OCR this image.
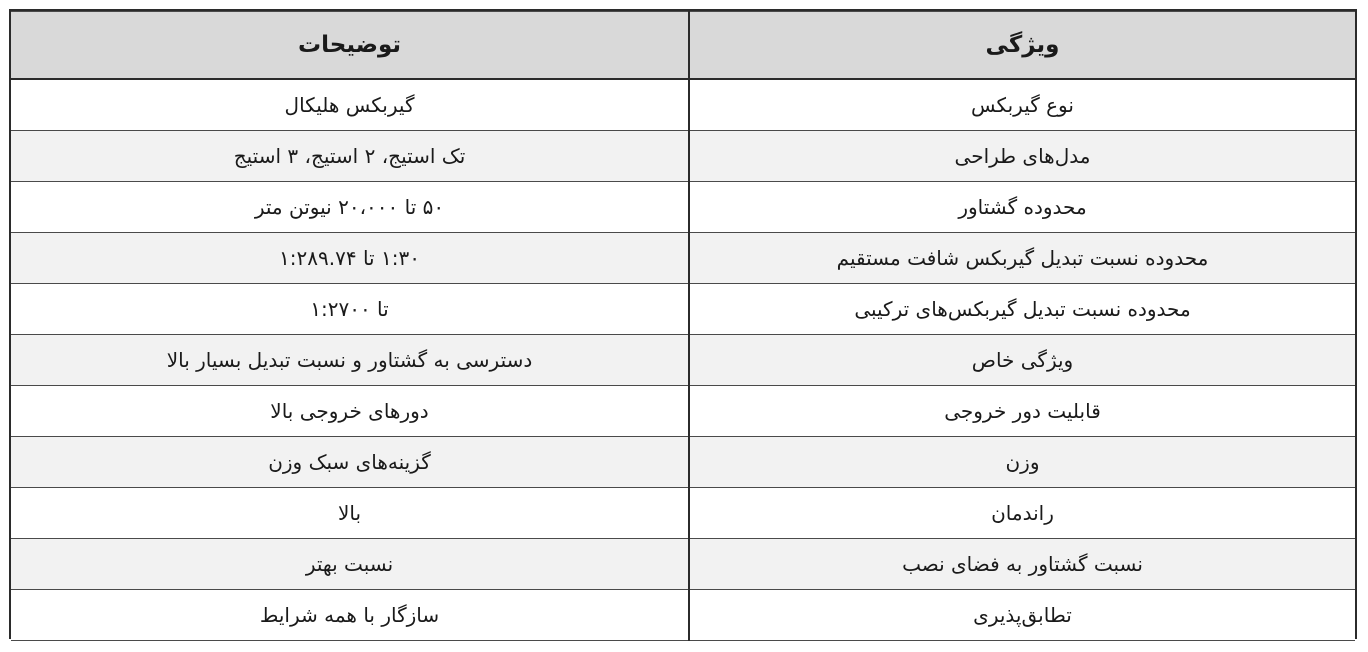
ویژگی	توضیحات
نوع گیربکس	گیربکس هلیکال
مدل‌های طراحی	تک استیج، ۲ استیج، ۳ استیج
محدوده گشتاور	۵۰ تا ۲۰،۰۰۰ نیوتن متر
محدوده نسبت تبدیل گیربکس شافت مستقیم	۱:۳۰ تا ۱:۲۸۹.۷۴
محدوده نسبت تبدیل گیربکس‌های ترکیبی	تا ۱:۲۷۰۰
ویژگی خاص	دسترسی به گشتاور و نسبت تبدیل بسیار بالا
قابلیت دور خروجی	دورهای خروجی بالا
وزن	گزینه‌های سبک وزن
راندمان	بالا
نسبت گشتاور به فضای نصب	نسبت بهتر
تطابق‌پذیری	سازگار با همه شرایط
